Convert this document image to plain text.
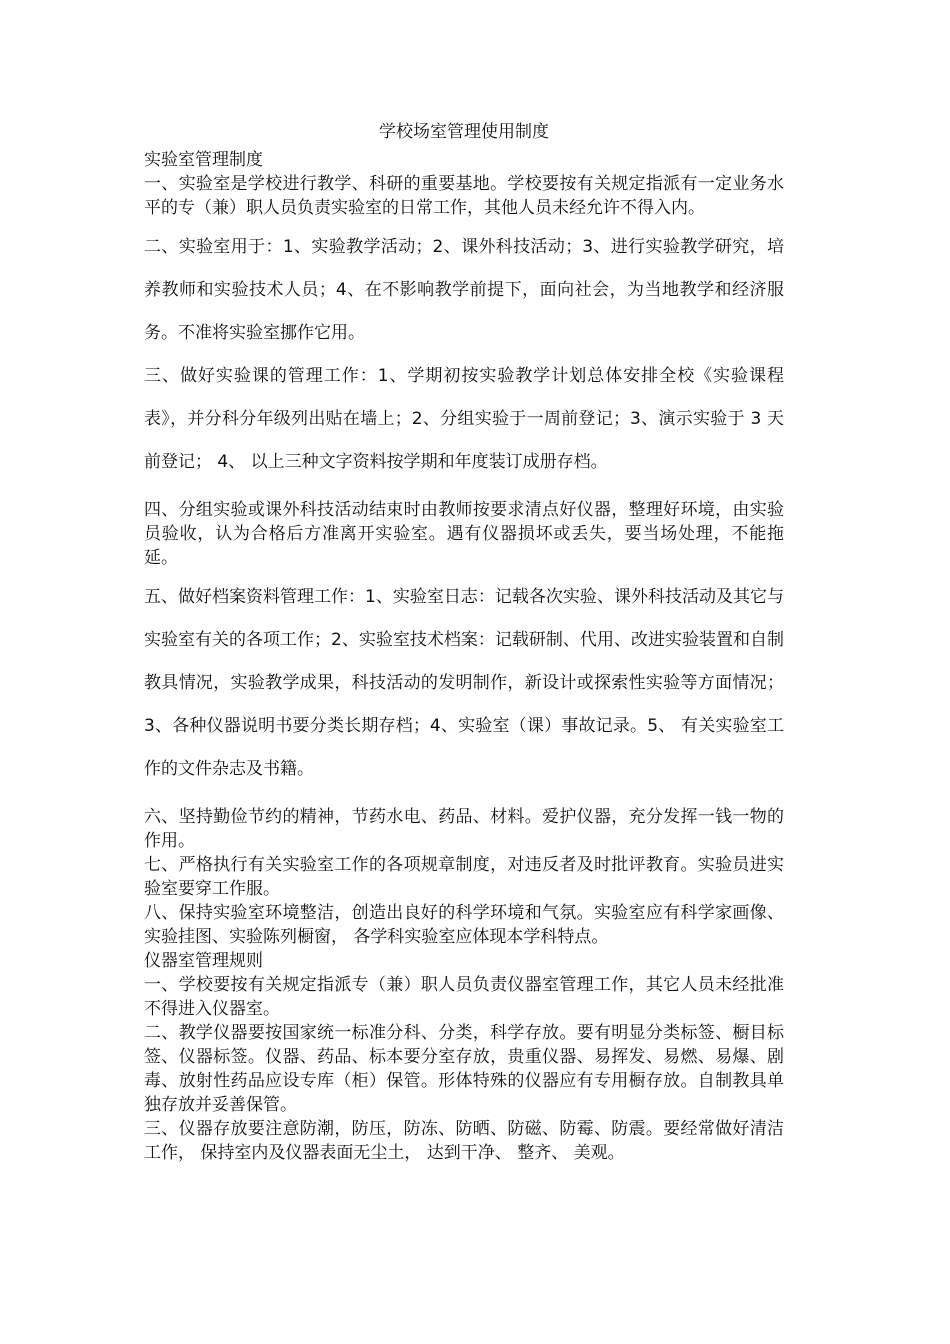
学校场室管理使用制度

实验室管理制度

一、实验室是学校进行教学、科研的重要基地。学校要按有关规定指派有一定业务水平的专（兼）职人员负责实验室的日常工作，其他人员未经允许不得入内。

二、实验室用于：1、实验教学活动；2、课外科技活动；3、进行实验教学研究，培养教师和实验技术人员；4、在不影响教学前提下，面向社会，为当地教学和经济服务。不准将实验室挪作它用。

三、做好实验课的管理工作：1、学期初按实验教学计划总体安排全校《实验课程表》，并分科分年级列出贴在墙上；2、分组实验于一周前登记；3、演示实验于 3 天前登记； 4、 以上三种文字资料按学期和年度装订成册存档。

四、分组实验或课外科技活动结束时由教师按要求清点好仪器，整理好环境，由实验员验收，认为合格后方准离开实验室。遇有仪器损坏或丢失，要当场处理，不能拖延。

五、做好档案资料管理工作：1、实验室日志：记载各次实验、课外科技活动及其它与实验室有关的各项工作；2、实验室技术档案：记载研制、代用、改进实验装置和自制教具情况，实验教学成果，科技活动的发明制作，新设计或探索性实验等方面情况；3、各种仪器说明书要分类长期存档；4、实验室（课）事故记录。5、 有关实验室工作的文件杂志及书籍。

六、坚持勤俭节约的精神，节药水电、药品、材料。爱护仪器，充分发挥一钱一物的作用。

七、严格执行有关实验室工作的各项规章制度，对违反者及时批评教育。实验员进实验室要穿工作服。

八、保持实验室环境整洁，创造出良好的科学环境和气氛。实验室应有科学家画像、实验挂图、实验陈列橱窗， 各学科实验室应体现本学科特点。

仪器室管理规则

一、学校要按有关规定指派专（兼）职人员负责仪器室管理工作，其它人员未经批准不得进入仪器室。

二、教学仪器要按国家统一标准分科、分类，科学存放。要有明显分类标签、橱目标签、仪器标签。仪器、药品、标本要分室存放，贵重仪器、易挥发、易燃、易爆、剧毒、放射性药品应设专库（柜）保管。形体特殊的仪器应有专用橱存放。自制教具单独存放并妥善保管。

三、仪器存放要注意防潮，防压，防冻、防晒、防磁、防霉、防震。要经常做好清洁工作， 保持室内及仪器表面无尘土， 达到干净、 整齐、 美观。
